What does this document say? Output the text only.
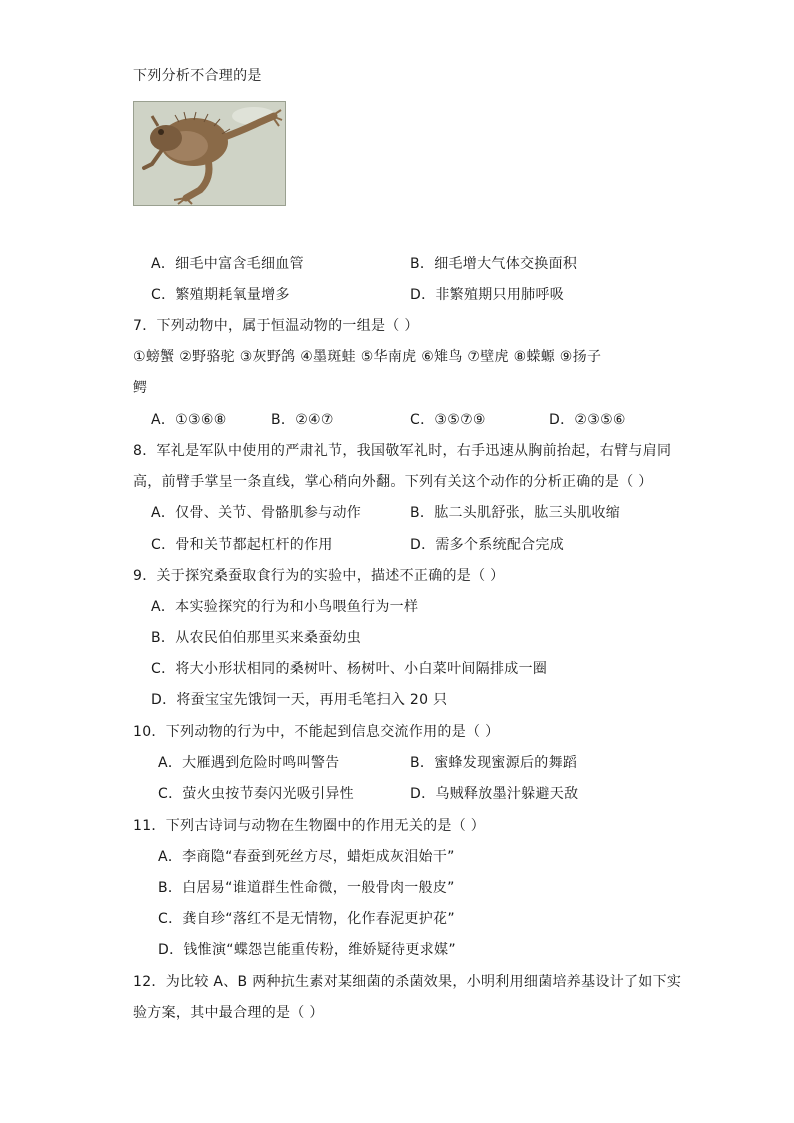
下列分析不合理的是
A．细毛中富含毛细血管	B．细毛增大气体交换面积
C．繁殖期耗氧量增多	D．非繁殖期只用肺呼吸
7．下列动物中，属于恒温动物的一组是（ ）
①螃蟹 ②野骆驼 ③灰野鸽 ④墨斑蛙 ⑤华南虎 ⑥雉鸟 ⑦壁虎 ⑧蝾螈 ⑨扬子
鳄
A．①③⑥⑧	B．②④⑦	C．③⑤⑦⑨	D．②③⑤⑥
8．军礼是军队中使用的严肃礼节，我国敬军礼时，右手迅速从胸前抬起，右臂与肩同
高，前臂手掌呈一条直线，掌心稍向外翻。下列有关这个动作的分析正确的是（ ）
A．仅骨、关节、骨骼肌参与动作	B．肱二头肌舒张，肱三头肌收缩
C．骨和关节都起杠杆的作用	D．需多个系统配合完成
9．关于探究桑蚕取食行为的实验中，描述不正确的是（ ）
A．本实验探究的行为和小鸟喂鱼行为一样
B．从农民伯伯那里买来桑蚕幼虫
C．将大小形状相同的桑树叶、杨树叶、小白菜叶间隔排成一圈
D．将蚕宝宝先饿饲一天，再用毛笔扫入 20 只
10．下列动物的行为中，不能起到信息交流作用的是（ ）
A．大雁遇到危险时鸣叫警告	B．蜜蜂发现蜜源后的舞蹈
C．萤火虫按节奏闪光吸引异性	D．乌贼释放墨汁躲避天敌
11．下列古诗词与动物在生物圈中的作用无关的是（ ）
A．李商隐“春蚕到死丝方尽，蜡炬成灰泪始干”
B．白居易“谁道群生性命微，一般骨肉一般皮”
C．龚自珍“落红不是无情物，化作春泥更护花”
D．钱惟演“蝶怨岂能重传粉，维娇疑待更求媒”
12．为比较 A、B 两种抗生素对某细菌的杀菌效果，小明利用细菌培养基设计了如下实
验方案，其中最合理的是（ ）
